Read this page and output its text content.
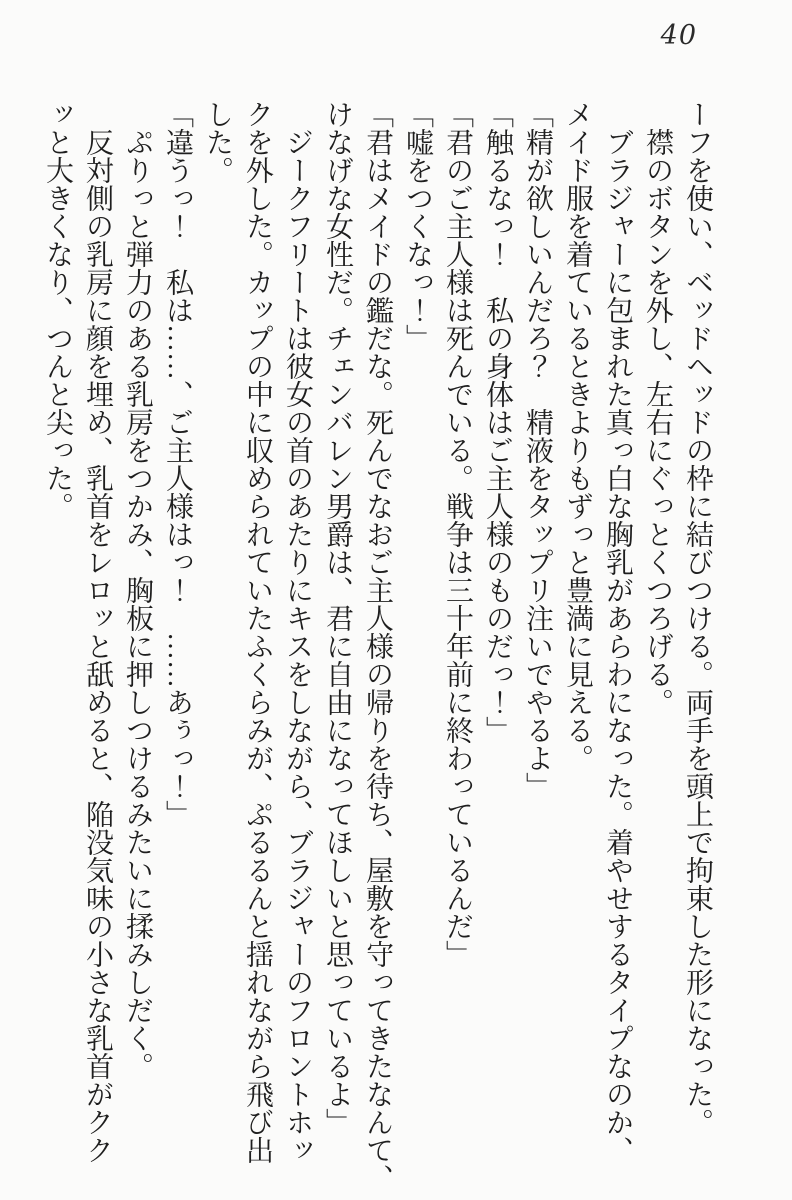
40

ーフを使い、ベッドヘッドの枠に結びつける。両手を頭上で拘束した形になった。

　襟のボタンを外し、左右にぐっとくつろげる。

　ブラジャーに包まれた真っ白な胸乳があらわになった。着やせするタイプなのか、

メイド服を着ているときよりもずっと豊満に見える。

「精が欲しいんだろ？　精液をタップリ注いでやるよ」

「触るなっ！　私の身体はご主人様のものだっ！」

「君のご主人様は死んでいる。戦争は三十年前に終わっているんだ」

「嘘をつくなっ！」

「君はメイドの鑑だな。死んでなおご主人様の帰りを待ち、屋敷を守ってきたなんて、

けなげな女性だ。チェンバレン男爵は、君に自由になってほしいと思っているよ」

　ジークフリートは彼女の首のあたりにキスをしながら、ブラジャーのフロントホッ

クを外した。カップの中に収められていたふくらみが、ぷるるんと揺れながら飛び出

した。

「違うっ！　私は……、ご主人様はっ！　……あぅっ！」

　ぷりっと弾力のある乳房をつかみ、胸板に押しつけるみたいに揉みしだく。

　反対側の乳房に顔を埋め、乳首をレロッと舐めると、陥没気味の小さな乳首がクク

ッと大きくなり、つんと尖った。
